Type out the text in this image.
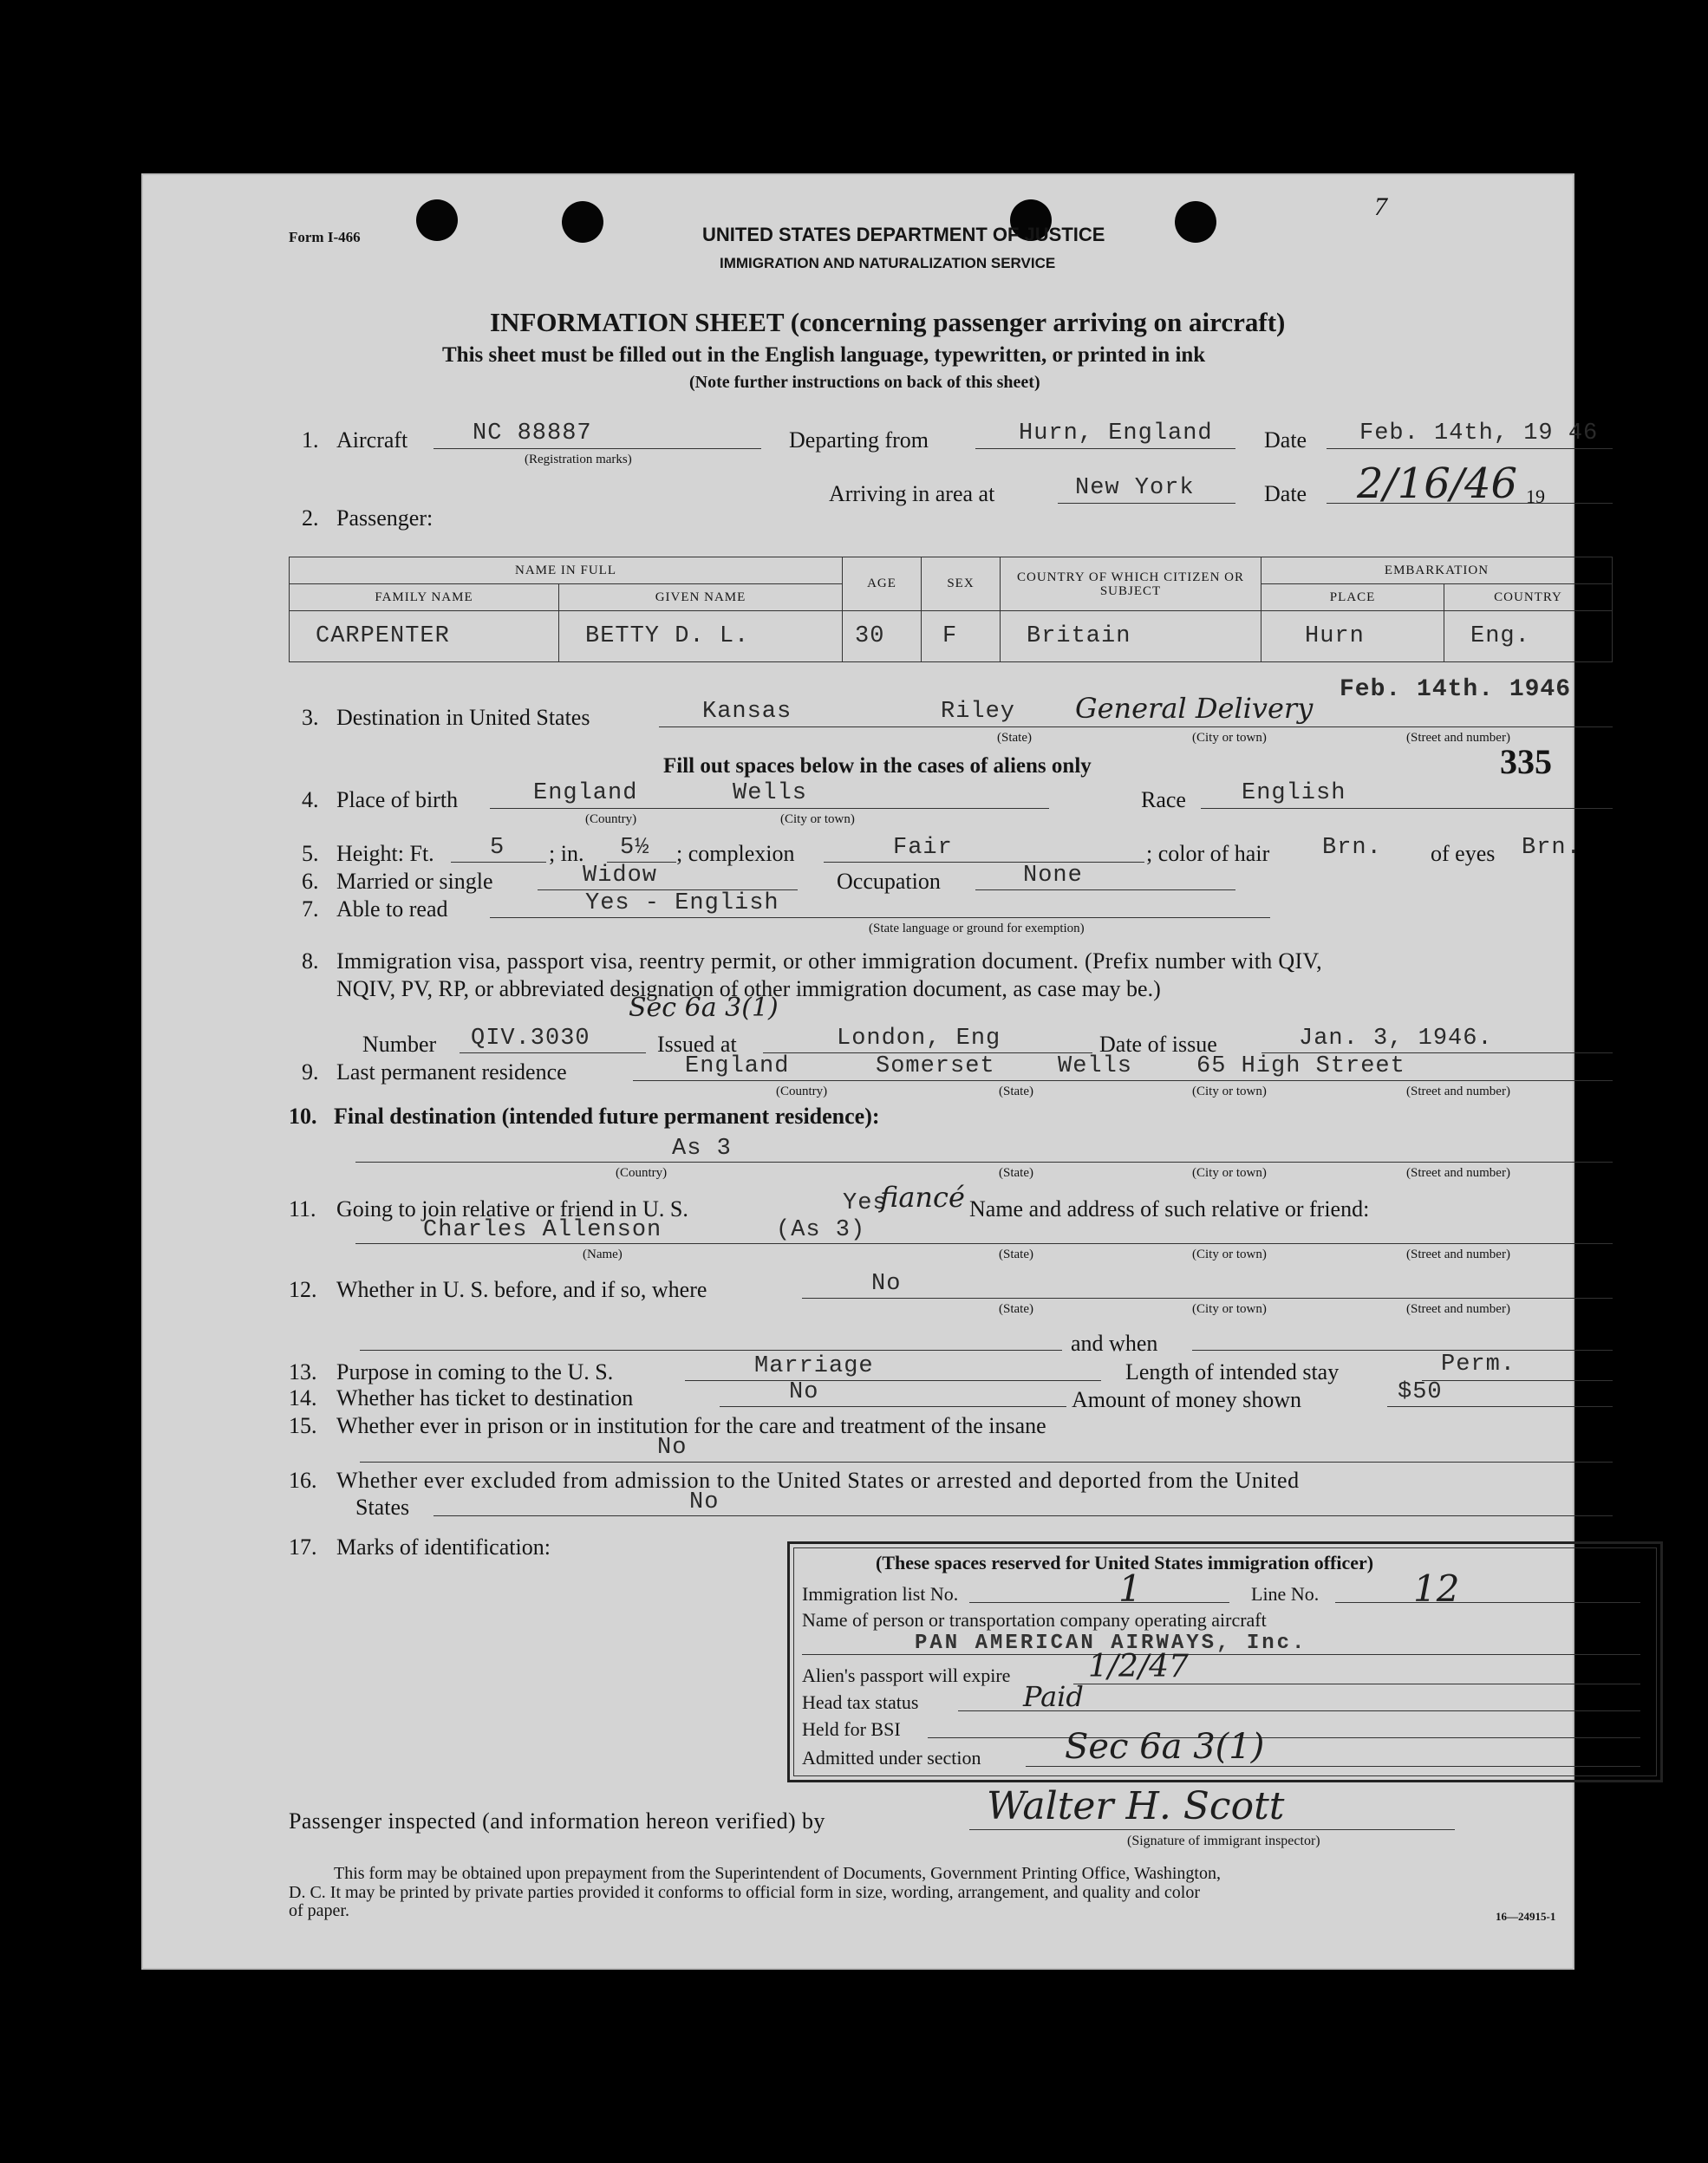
Form I-466	UNITED STATES DEPARTMENT OF JUSTICE
IMMIGRATION AND NATURALIZATION SERVICE
7
INFORMATION SHEET (concerning passenger arriving on aircraft)
This sheet must be filled out in the English language, typewritten, or printed in ink
(Note further instructions on back of this sheet)
1. Aircraft	NC 88887
(Registration marks)
Departing from	Hurn, England Date Feb. 14th, 19 46
Arriving in area at	New York	Date 2/16/46 19
2. Passenger:
NAME IN FULL		AGE	SEX	COUNTRY OF WHICH CITIZEN OR SUBJECT	EMBARKATION	
FAMILY NAME	GIVEN NAME				PLACE	COUNTRY
CARPENTER	BETTY D. L.	30	F	Britain	Hurn	Eng.
Feb. 14th. 1946
3. Destination in United States	Kansas	Riley General Delivery
(State)	(City or town)	(Street and number)
335
Fill out spaces below in the cases of aliens only
4. Place of birth	England	Wells
(Country)	(City or town)
Race English
5. Height: Ft. 5 ; in. 5½ ; complexion	Fair	; color of hair Brn. of eyes Brn.
6. Married or single	Widow	Occupation	None
7. Able to read	Yes - English
(State language or ground for exemption)
8. Immigration visa, passport visa, reentry permit, or other immigration document. (Prefix number with QIV,
NQIV, PV, RP, or abbreviated designation of other immigration document, as case may be.)
Sec 6a 3(1)
Number QIV.3030	Issued at	London, Eng	Date of issue	Jan. 3, 1946.
9. Last permanent residence	England	Somerset	Wells	65 High Street
(Country)	(State)	(City or town)	(Street and number)
10. Final destination (intended future permanent residence):
As 3
(Country)	(State)	(City or town)	(Street and number)
11. Going to join relative or friend in U. S.	Yes
fiancé Name and address of such relative or friend:
Charles Allenson	(As 3)
(Name)	(State)	(City or town)	(Street and number)
12. Whether in U. S. before, and if so, where	No
(State)	(City or town)	(Street and number)
and when
13. Purpose in coming to the U. S.	Marriage	Length of intended stay	Perm.
14. Whether has ticket to destination	No	Amount of money shown	$50
15. Whether ever in prison or in institution for the care and treatment of the insane
No
16. Whether ever excluded from admission to the United States or arrested and deported from the United
States	No
17. Marks of identification:
(These spaces reserved for United States immigration officer)
Immigration list No.	1	Line No.	12
Name of person or transportation company operating aircraft
PAN AMERICAN AIRWAYS, Inc.
Alien's passport will expire 1/2/47
Head tax status	Paid
Held for BSI
Admitted under section Sec 6a 3(1)
Passenger inspected (and information hereon verified) by	Walter H. Scott
(Signature of immigrant inspector)
This form may be obtained upon prepayment from the Superintendent of Documents, Government Printing Office, Washington,
D. C. It may be printed by private parties provided it conforms to official form in size, wording, arrangement, and quality and color
of paper.	16—24915-1
